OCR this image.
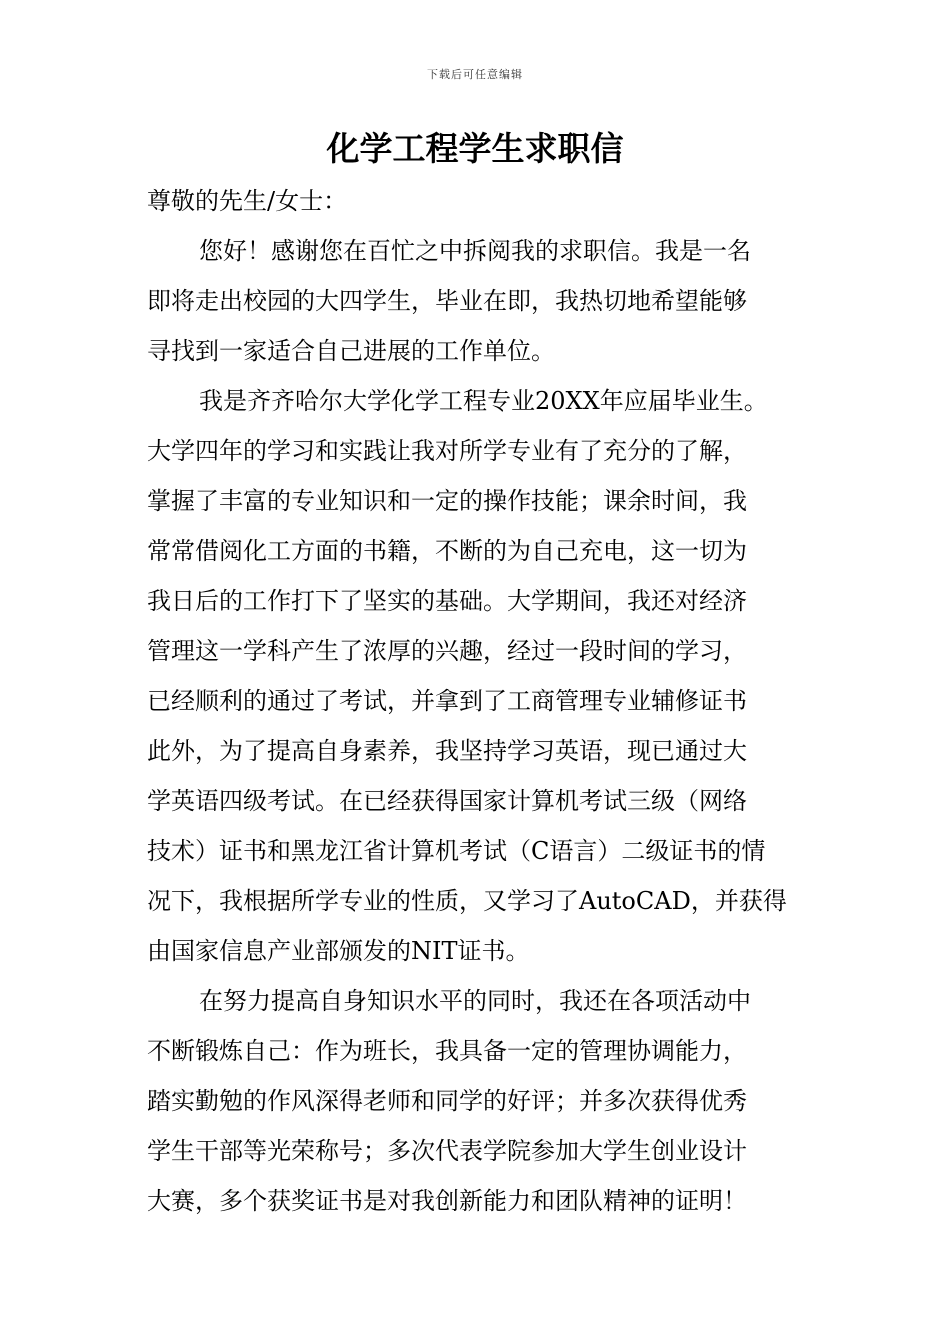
下载后可任意编辑
化学工程学生求职信
尊敬的先生/女士：
您好！感谢您在百忙之中拆阅我的求职信。我是一名
即将走出校园的大四学生，毕业在即，我热切地希望能够
寻找到一家适合自己进展的工作单位。
我是齐齐哈尔大学化学工程专业20XX年应届毕业生。
大学四年的学习和实践让我对所学专业有了充分的了解，
掌握了丰富的专业知识和一定的操作技能；课余时间，我
常常借阅化工方面的书籍，不断的为自己充电，这一切为
我日后的工作打下了坚实的基础。大学期间，我还对经济
管理这一学科产生了浓厚的兴趣，经过一段时间的学习，
已经顺利的通过了考试，并拿到了工商管理专业辅修证书
此外，为了提高自身素养，我坚持学习英语，现已通过大
学英语四级考试。在已经获得国家计算机考试三级（网络
技术）证书和黑龙江省计算机考试（C语言）二级证书的情
况下，我根据所学专业的性质，又学习了AutoCAD，并获得
由国家信息产业部颁发的NIT证书。
在努力提高自身知识水平的同时，我还在各项活动中
不断锻炼自己：作为班长，我具备一定的管理协调能力，
踏实勤勉的作风深得老师和同学的好评；并多次获得优秀
学生干部等光荣称号；多次代表学院参加大学生创业设计
大赛，多个获奖证书是对我创新能力和团队精神的证明！
